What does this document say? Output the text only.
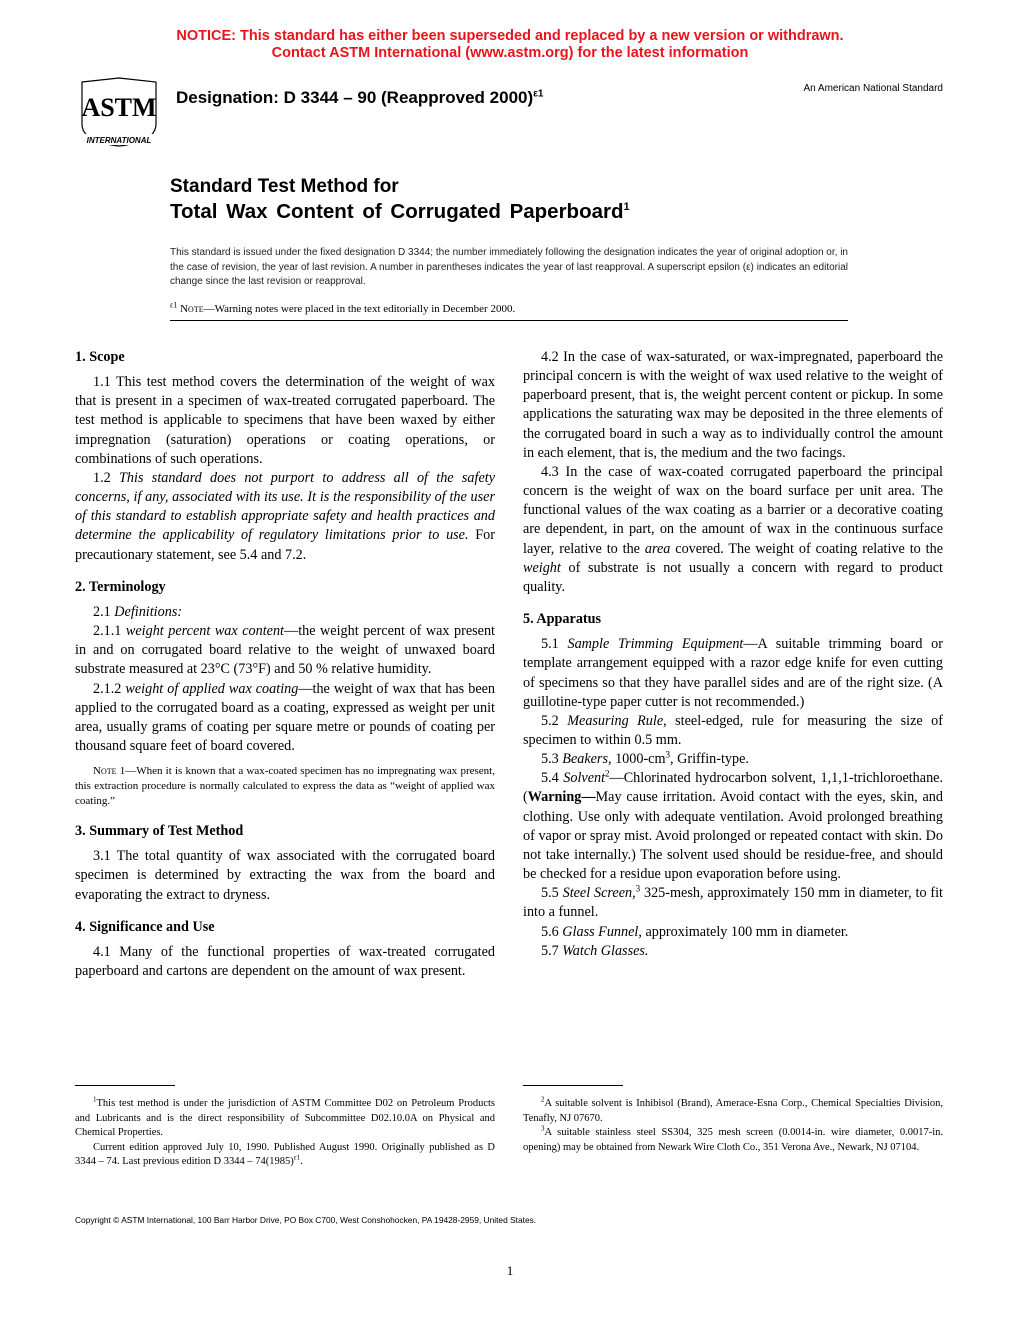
NOTICE: This standard has either been superseded and replaced by a new version or withdrawn.
Contact ASTM International (www.astm.org) for the latest information
ASTM
INTERNATIONAL
Designation: D 3344 – 90 (Reapproved 2000)$^{\varepsilon 1}$	An American National Standard
Standard Test Method for
Total Wax Content of Corrugated Paperboard$^1$
This standard is issued under the fixed designation D 3344; the number immediately following the designation indicates the year of original adoption or, in the case of revision, the year of last revision. A number in parentheses indicates the year of last reapproval. A superscript epsilon (ε) indicates an editorial change since the last revision or reapproval.
$^{\varepsilon 1}$ Note—Warning notes were placed in the text editorially in December 2000.
1. Scope

1.1 This test method covers the determination of the weight of wax that is present in a specimen of wax-treated corrugated paperboard. The test method is applicable to specimens that have been waxed by either impregnation (saturation) operations or coating operations, or combinations of such operations.

1.2 This standard does not purport to address all of the safety concerns, if any, associated with its use. It is the responsibility of the user of this standard to establish appropriate safety and health practices and determine the applicability of regulatory limitations prior to use. For precautionary statement, see 5.4 and 7.2.

2. Terminology

2.1 Definitions:

2.1.1 weight percent wax content—the weight percent of wax present in and on corrugated board relative to the weight of unwaxed board substrate measured at 23°C (73°F) and 50 % relative humidity.

2.1.2 weight of applied wax coating—the weight of wax that has been applied to the corrugated board as a coating, expressed as weight per unit area, usually grams of coating per square metre or pounds of coating per thousand square feet of board covered.

Note 1—When it is known that a wax-coated specimen has no impregnating wax present, this extraction procedure is normally calculated to express the data as “weight of applied wax coating.”

3. Summary of Test Method

3.1 The total quantity of wax associated with the corrugated board specimen is determined by extracting the wax from the board and evaporating the extract to dryness.

4. Significance and Use

4.1 Many of the functional properties of wax-treated corrugated paperboard and cartons are dependent on the amount of wax present.

4.2 In the case of wax-saturated, or wax-impregnated, paperboard the principal concern is with the weight of wax used relative to the weight of paperboard present, that is, the weight percent content or pickup. In some applications the saturating wax may be deposited in the three elements of the corrugated board in such a way as to individually control the amount in each element, that is, the medium and the two facings.

4.3 In the case of wax-coated corrugated paperboard the principal concern is the weight of wax on the board surface per unit area. The functional values of the wax coating as a barrier or a decorative coating are dependent, in part, on the amount of wax in the continuous surface layer, relative to the area covered. The weight of coating relative to the weight of substrate is not usually a concern with regard to product quality.

5. Apparatus

5.1 Sample Trimming Equipment—A suitable trimming board or template arrangement equipped with a razor edge knife for even cutting of specimens so that they have parallel sides and are of the right size. (A guillotine-type paper cutter is not recommended.)

5.2 Measuring Rule, steel-edged, rule for measuring the size of specimen to within 0.5 mm.

5.3 Beakers, $1000-cm^3$, Griffin-type.

5.4 Solvent$^2$—Chlorinated hydrocarbon solvent, 1,1,1-trichloroethane. (Warning—May cause irritation. Avoid contact with the eyes, skin, and clothing. Use only with adequate ventilation. Avoid prolonged breathing of vapor or spray mist. Avoid prolonged or repeated contact with skin. Do not take internally.) The solvent used should be residue-free, and should be checked for a residue upon evaporation before using.

5.5 Steel Screen,$^3$ 325-mesh, approximately 150 mm in diameter, to fit into a funnel.

5.6 Glass Funnel, approximately 100 mm in diameter.

5.7 Watch Glasses.

$^1$This test method is under the jurisdiction of ASTM Committee D02 on Petroleum Products and Lubricants and is the direct responsibility of Subcommittee D02.10.0A on Physical and Chemical Properties.

Current edition approved July 10, 1990. Published August 1990. Originally published as D 3344 – 74. Last previous edition D $3344 - 74(1985)^{\varepsilon 1}$.

$^2$A suitable solvent is Inhibisol (Brand), Amerace-Esna Corp., Chemical Specialties Division, Tenafly, NJ 07670.

$^3$A suitable stainless steel SS304, 325 mesh screen (0.0014-in. wire diameter, 0.0017-in. opening) may be obtained from Newark Wire Cloth Co., 351 Verona Ave., Newark, NJ 07104.

Copyright © ASTM International, 100 Barr Harbor Drive, PO Box C700, West Conshohocken, PA 19428-2959, United States.
1
